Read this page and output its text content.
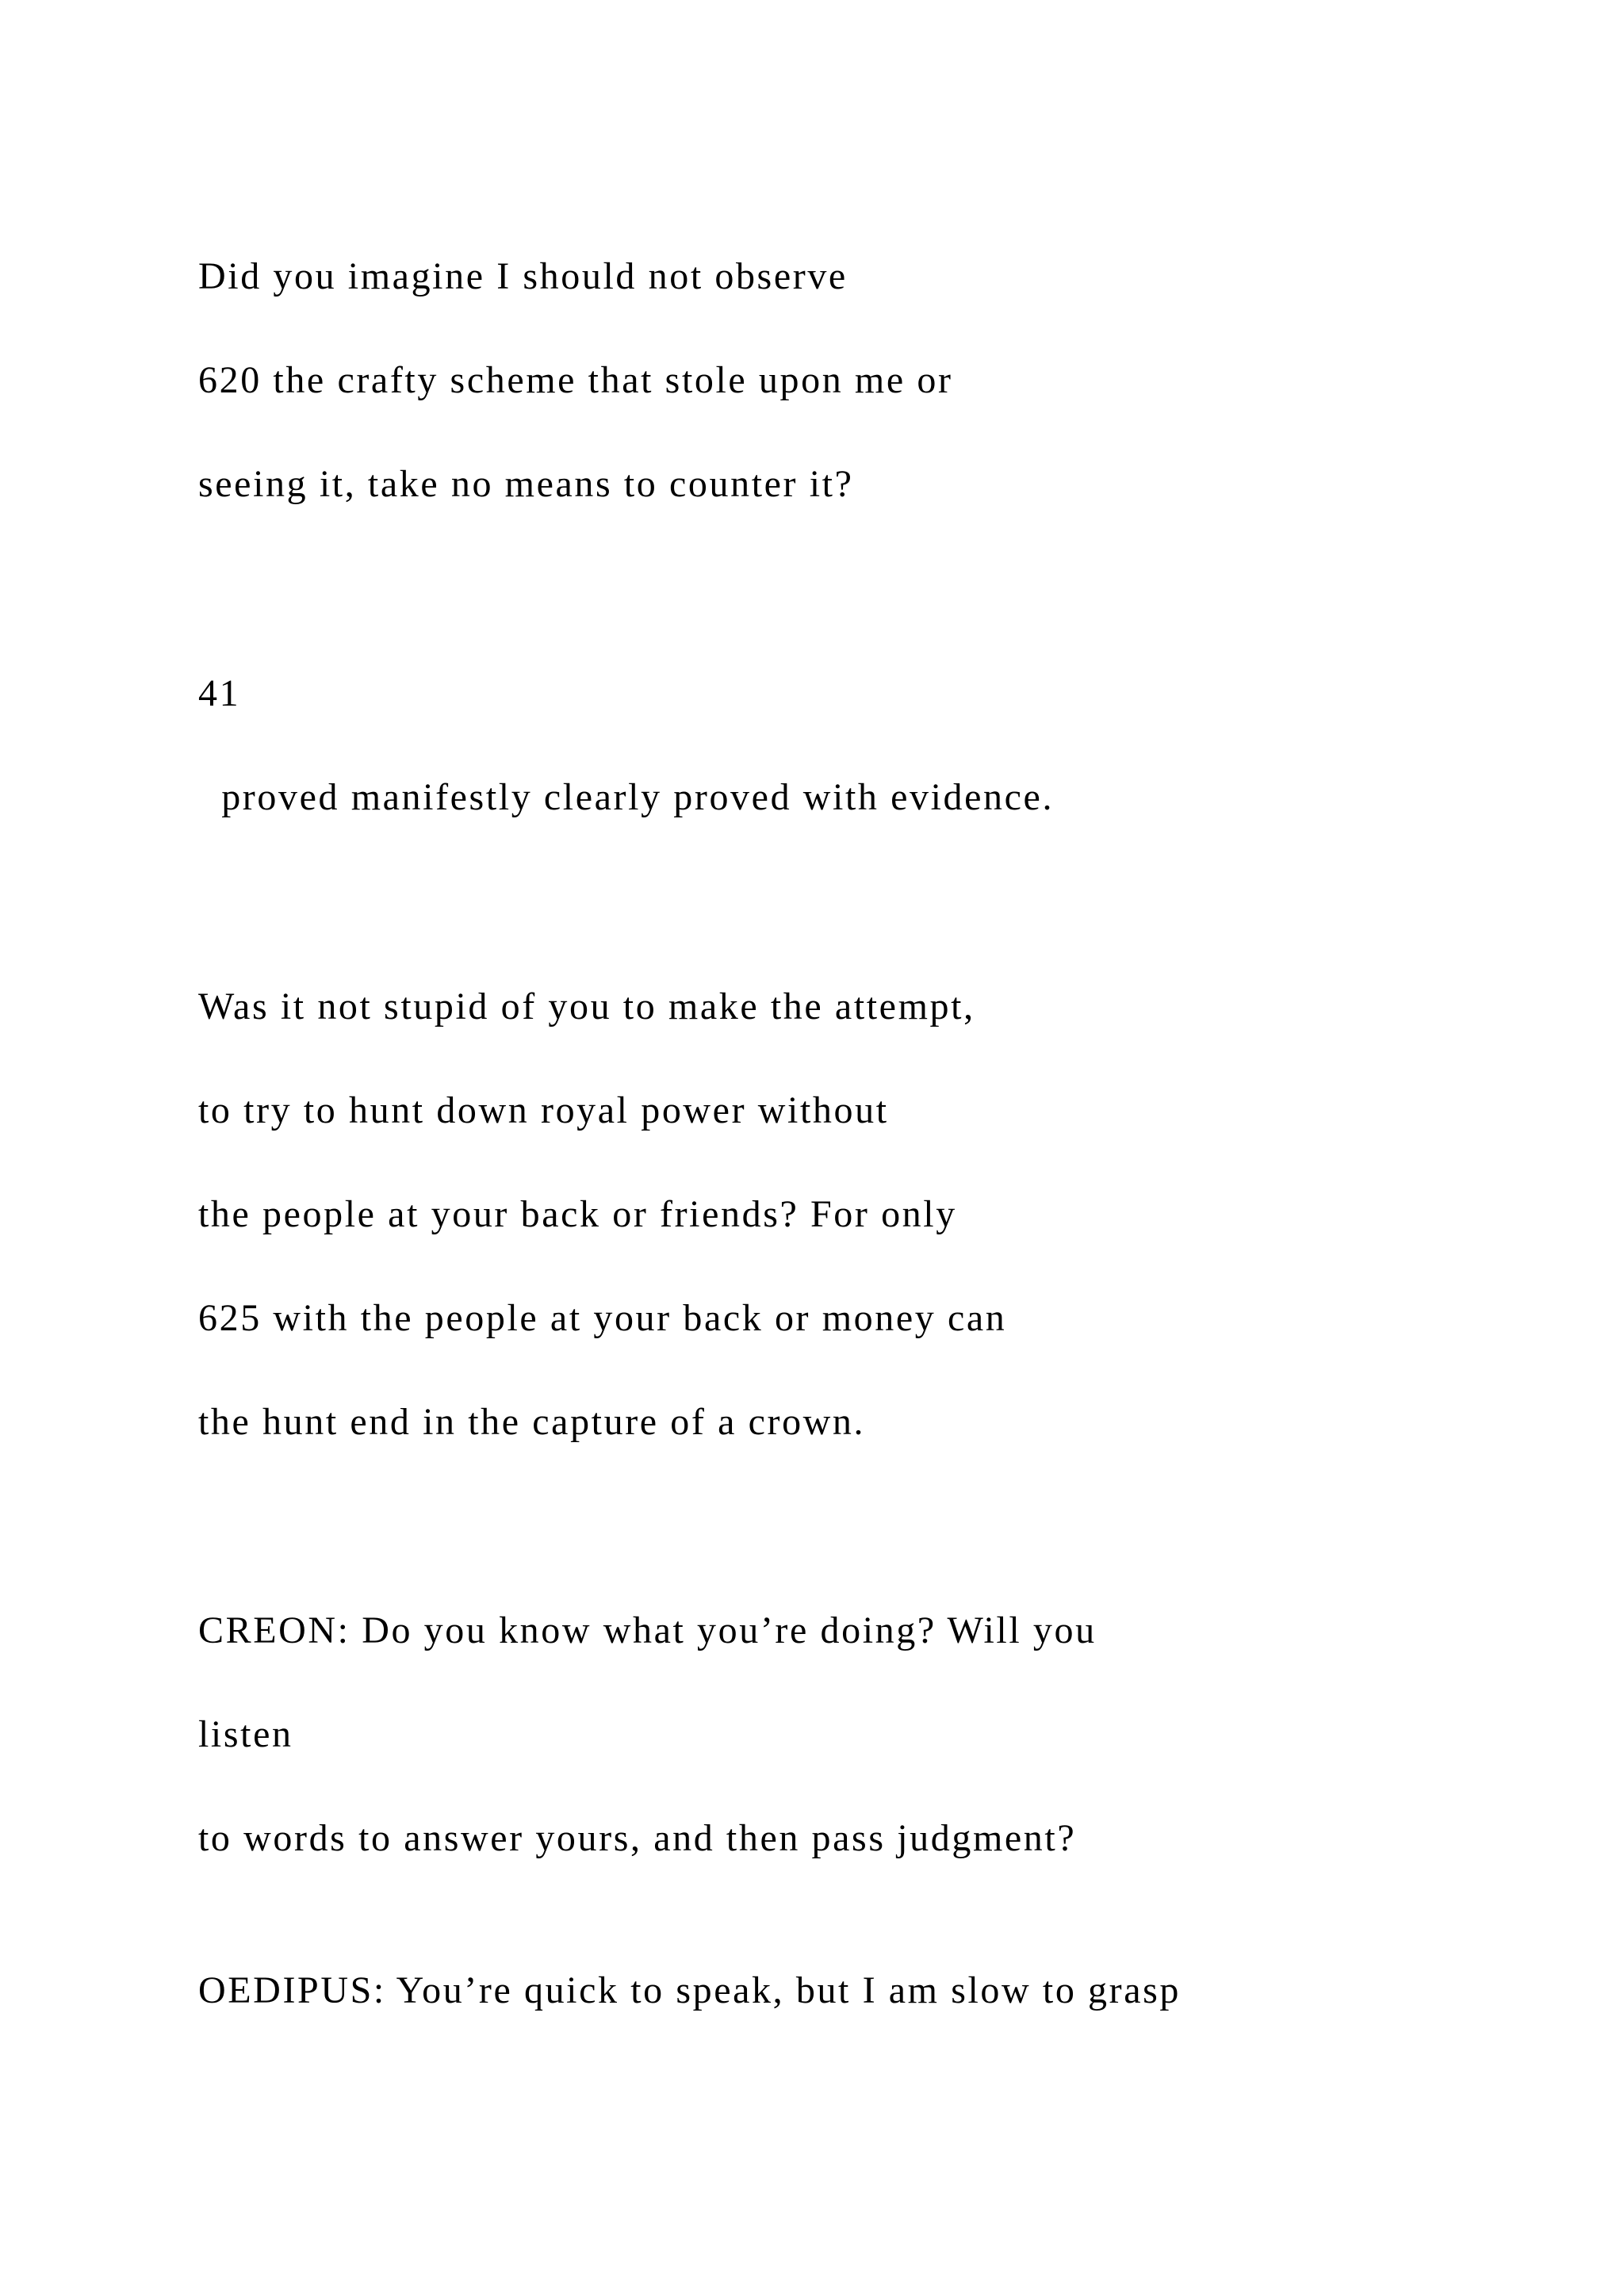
Did you imagine I should not observe

620 the crafty scheme that stole upon me or

seeing it, take no means to counter it?

41

proved manifestly clearly proved with evidence.

Was it not stupid of you to make the attempt,

to try to hunt down royal power without

the people at your back or friends? For only

625 with the people at your back or money can

the hunt end in the capture of a crown.

CREON: Do you know what you’re doing? Will you

listen

to words to answer yours, and then pass judgment?

OEDIPUS: You’re quick to speak, but I am slow to grasp
